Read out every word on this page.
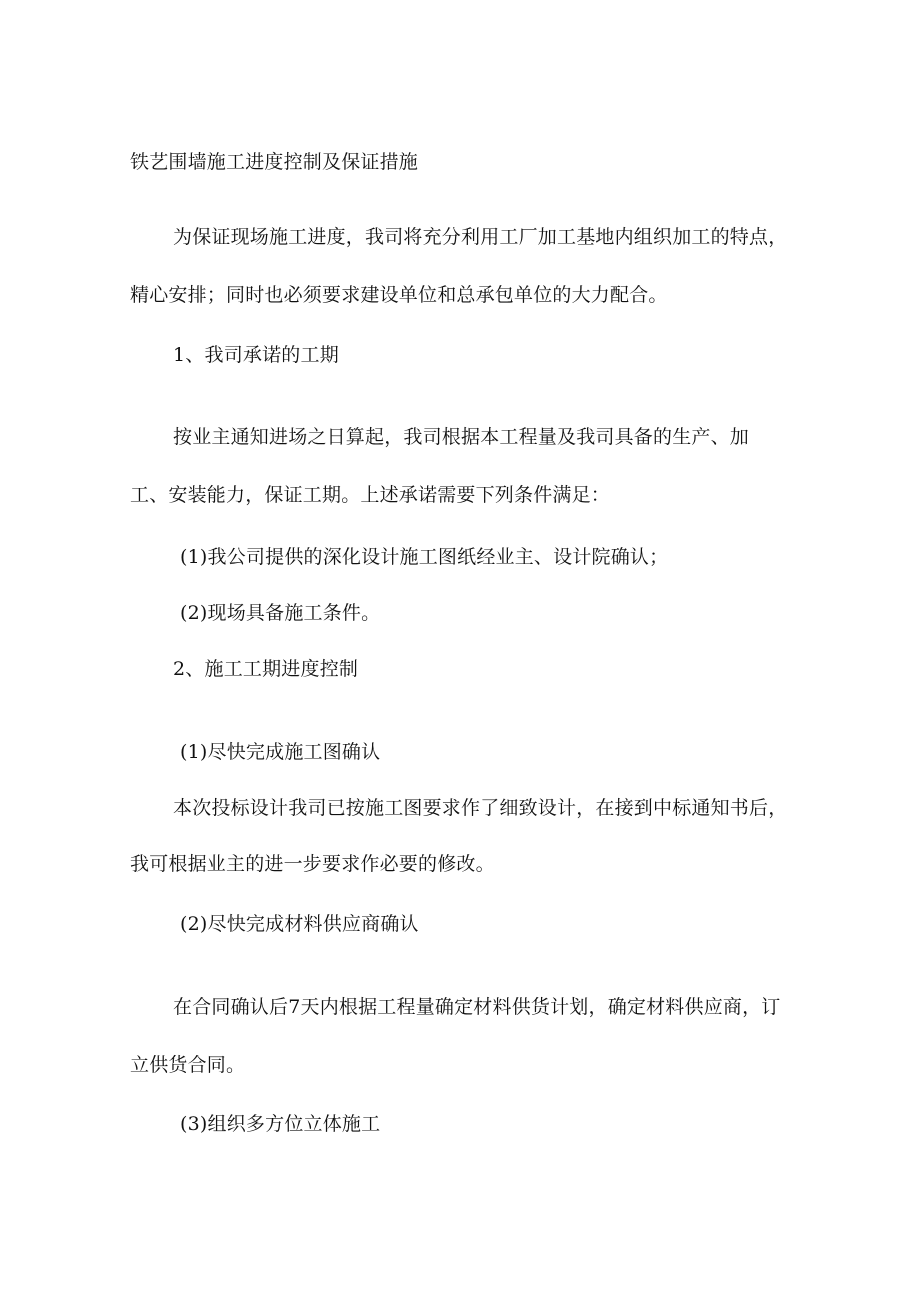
铁艺围墙施工进度控制及保证措施
为保证现场施工进度，我司将充分利用工厂加工基地内组织加工的特点，
精心安排；同时也必须要求建设单位和总承包单位的大力配合。
1、我司承诺的工期
按业主通知进场之日算起，我司根据本工程量及我司具备的生产、加
工、安装能力，保证工期。上述承诺需要下列条件满足：
(1)我公司提供的深化设计施工图纸经业主、设计院确认；
(2)现场具备施工条件。
2、施工工期进度控制
(1)尽快完成施工图确认
本次投标设计我司已按施工图要求作了细致设计，在接到中标通知书后，
我可根据业主的进一步要求作必要的修改。
(2)尽快完成材料供应商确认
在合同确认后7天内根据工程量确定材料供货计划，确定材料供应商，订
立供货合同。
(3)组织多方位立体施工
